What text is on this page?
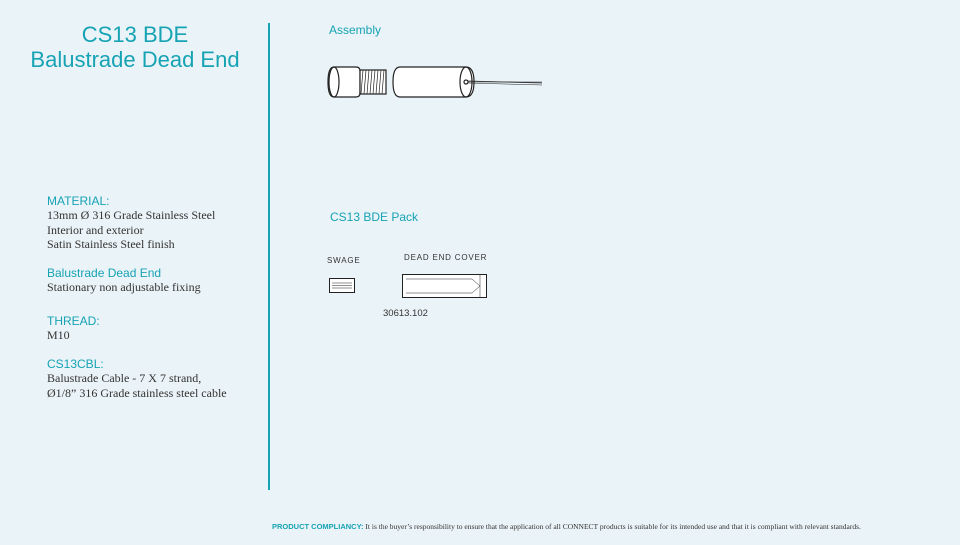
CS13 BDE
Balustrade Dead End
MATERIAL:
13mm Ø 316 Grade Stainless Steel
Interior and exterior
Satin Stainless Steel finish
Balustrade Dead End
Stationary non adjustable fixing
THREAD:
M10
CS13CBL:
Balustrade Cable - 7 X 7 strand,
Ø1/8” 316 Grade stainless steel cable
Assembly
CS13 BDE Pack
SWAGE	DEAD END COVER
30613.102
PRODUCT COMPLIANCY: It is the buyer’s responsibility to ensure that the application of all CONNECT products is suitable for its intended use and that it is compliant with relevant standards.
